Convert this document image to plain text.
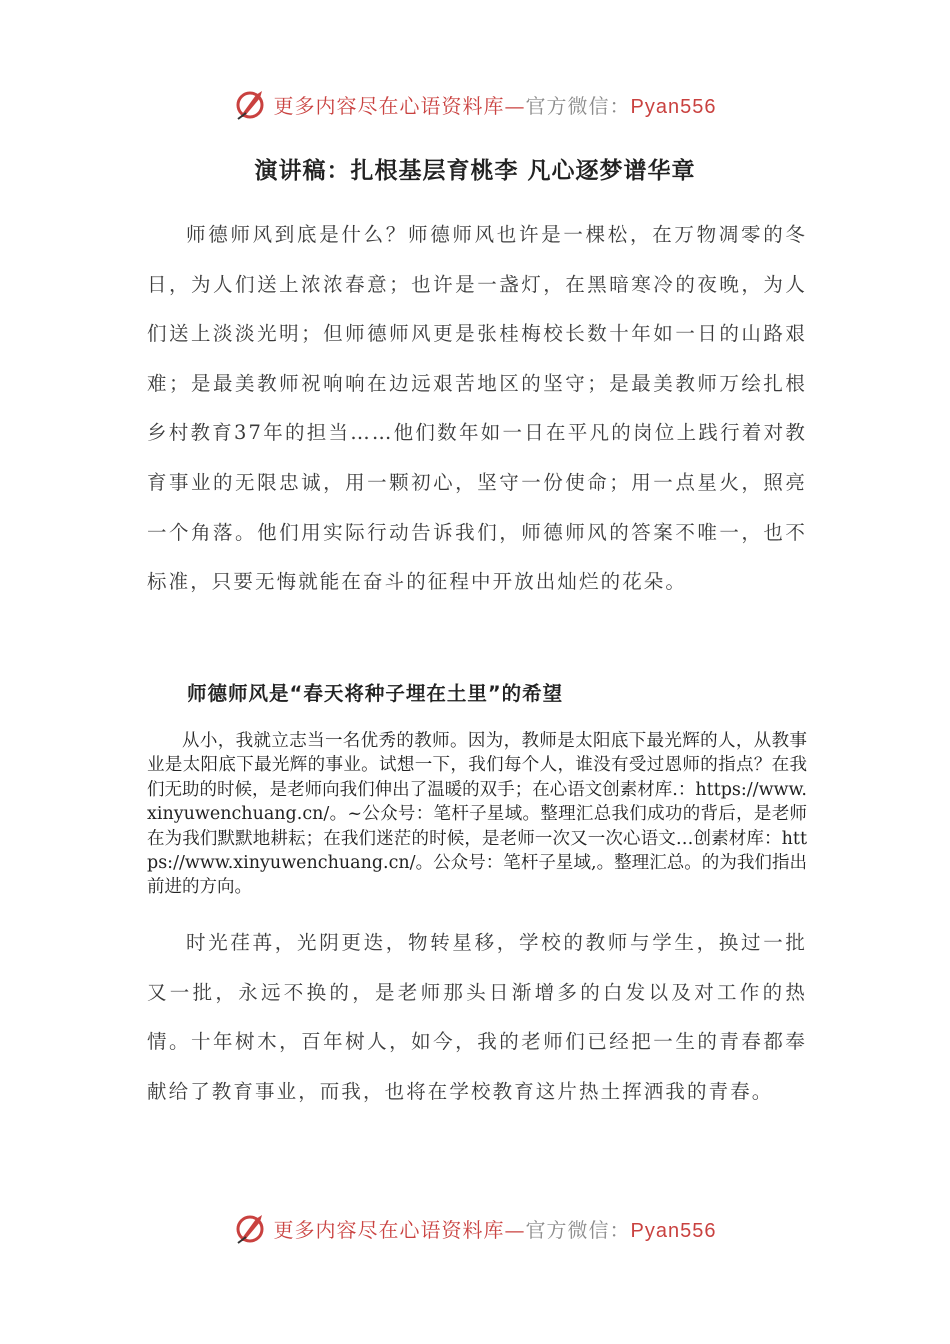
更多内容尽在心语资料库—官方微信：Pyan556
演讲稿：扎根基层育桃李 凡心逐梦谱华章

师德师风到底是什么？师德师风也许是一棵松，在万物凋零的冬日，为人们送上浓浓春意；也许是一盏灯，在黑暗寒冷的夜晚，为人们送上淡淡光明；但师德师风更是张桂梅校长数十年如一日的山路艰难；是最美教师祝响响在边远艰苦地区的坚守；是最美教师万绘扎根乡村教育37年的担当……他们数年如一日在平凡的岗位上践行着对教育事业的无限忠诚，用一颗初心，坚守一份使命；用一点星火，照亮一个角落。他们用实际行动告诉我们，师德师风的答案不唯一，也不标准，只要无悔就能在奋斗的征程中开放出灿烂的花朵。

师德师风是“春天将种子埋在土里”的希望

从小，我就立志当一名优秀的教师。因为，教师是太阳底下最光辉的人，从教事业是太阳底下最光辉的事业。试想一下，我们每个人，谁没有受过恩师的指点？在我们无助的时候，是老师向我们伸出了温暖的双手；在心语文创素材库.：https://www.xinyuwenchuang.cn/。~公众号：笔杆子星域。整理汇总我们成功的背后，是老师在为我们默默地耕耘；在我们迷茫的时候，是老师一次又一次心语文…创素材库：https://www.xinyuwenchuang.cn/。公众号：笔杆子星域,。整理汇总。的为我们指出前进的方向。

时光荏苒，光阴更迭，物转星移，学校的教师与学生，换过一批又一批，永远不换的，是老师那头日渐增多的白发以及对工作的热情。十年树木，百年树人，如今，我的老师们已经把一生的青春都奉献给了教育事业，而我，也将在学校教育这片热土挥洒我的青春。

更多内容尽在心语资料库—官方微信：Pyan556
